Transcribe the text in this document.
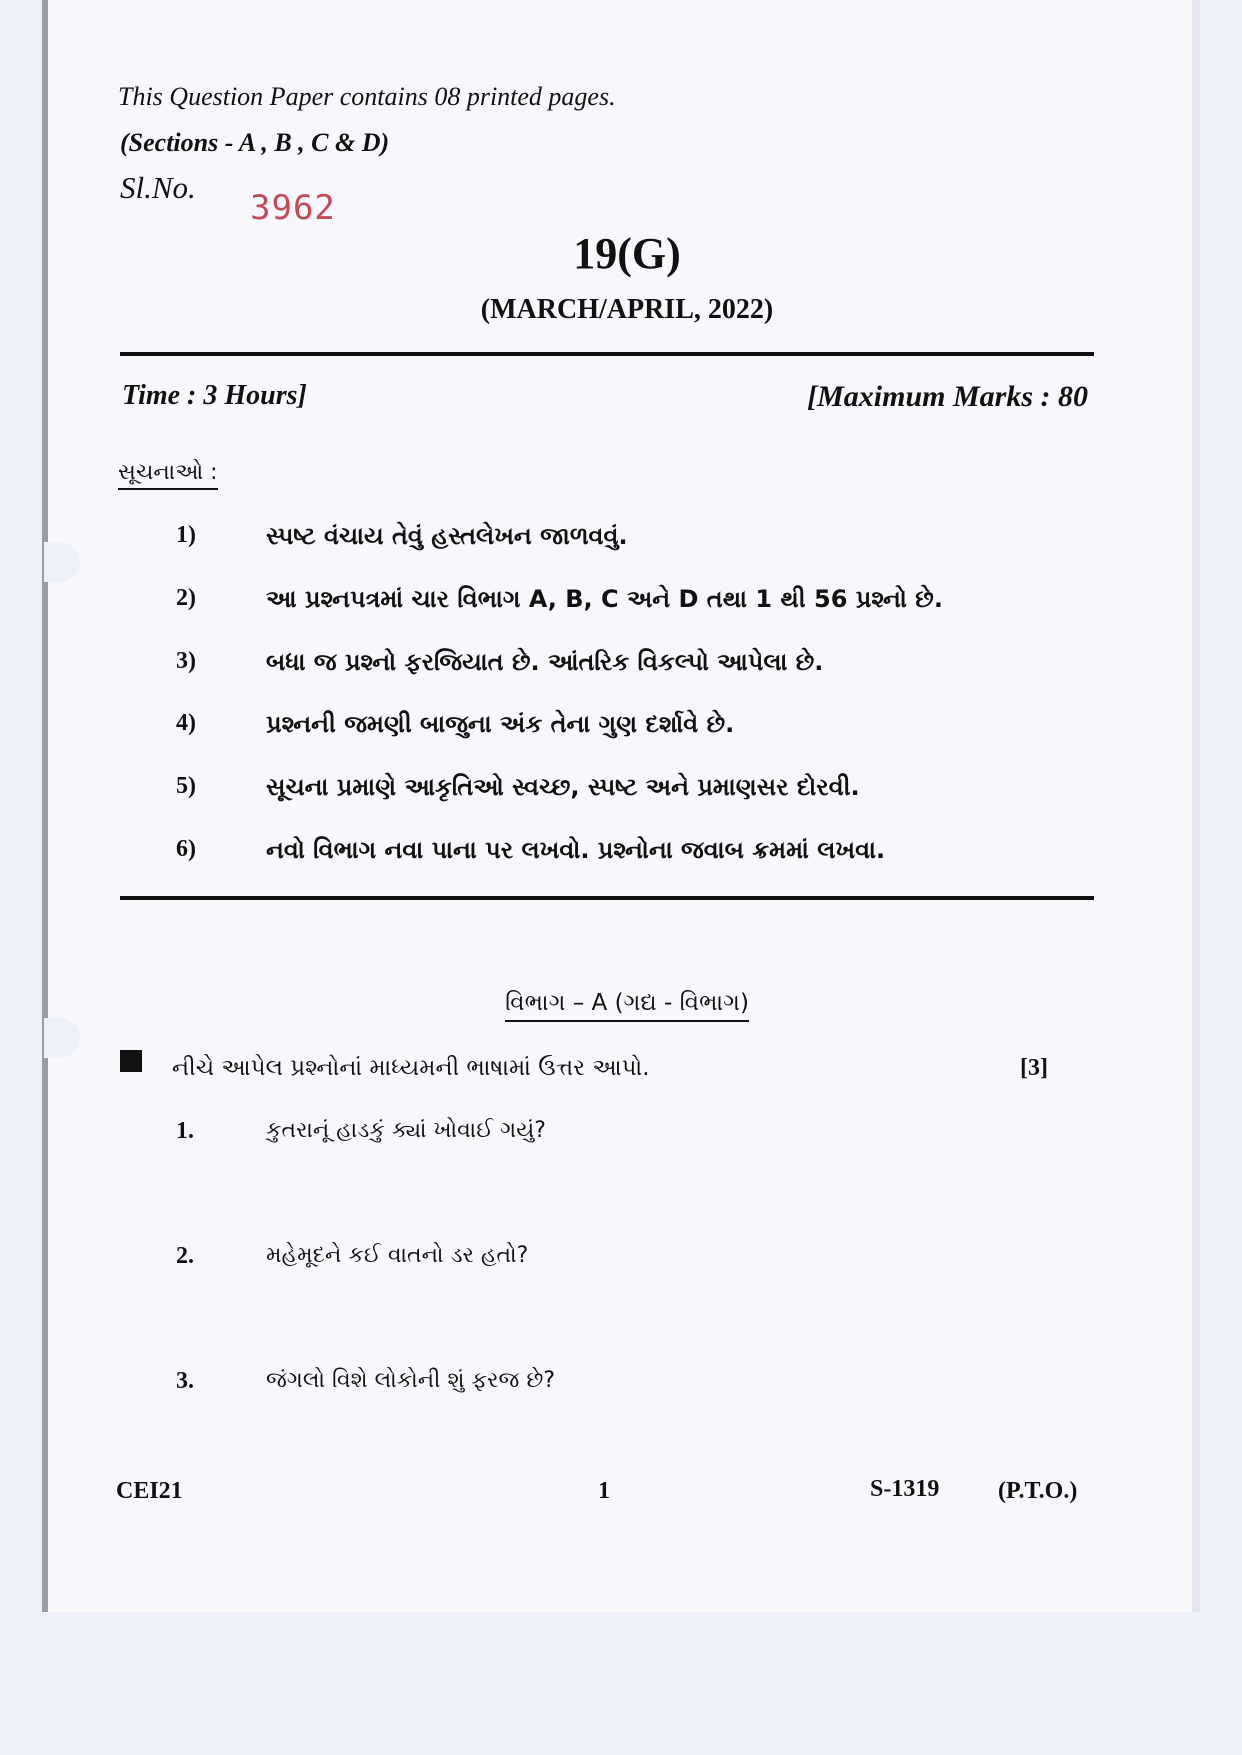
This Question Paper contains 08 printed pages.
(Sections - A , B , C & D)
Sl.No.
3962
19(G)
(MARCH/APRIL, 2022)
Time : 3 Hours]	[Maximum Marks : 80
સૂચનાઓ :
1)	સ્પષ્ટ વંચાય તેવું હસ્તલેખન જાળવવું.
2)	આ પ્રશ્નપત્રમાં ચાર વિભાગ A, B, C અને D તથા 1 થી 56 પ્રશ્નો છે.
3)	બધા જ પ્રશ્નો ફરજિયાત છે. આંતરિક વિકલ્પો આપેલા છે.
4)	પ્રશ્નની જમણી બાજુના અંક તેના ગુણ દર્શાવે છે.
5)	સૂચના પ્રમાણે આકૃતિઓ સ્વચ્છ, સ્પષ્ટ અને પ્રમાણસર દોરવી.
6)	નવો વિભાગ નવા પાના પર લખવો. પ્રશ્નોના જવાબ ક્રમમાં લખવા.
વિભાગ – A (ગદ્ય - વિભાગ)
નીચે આપેલ પ્રશ્નોનાં માધ્યમની ભાષામાં ઉત્તર આપો.	[3]
1.	કુતરાનૂં હાડકું ક્યાં ખોવાઈ ગયું?
2.	મહેમૂદને કઈ વાતનો ડર હતો?
3.	જંગલો વિશે લોકોની શું ફરજ છે?
CEI21	1	S-1319 (P.T.O.)
